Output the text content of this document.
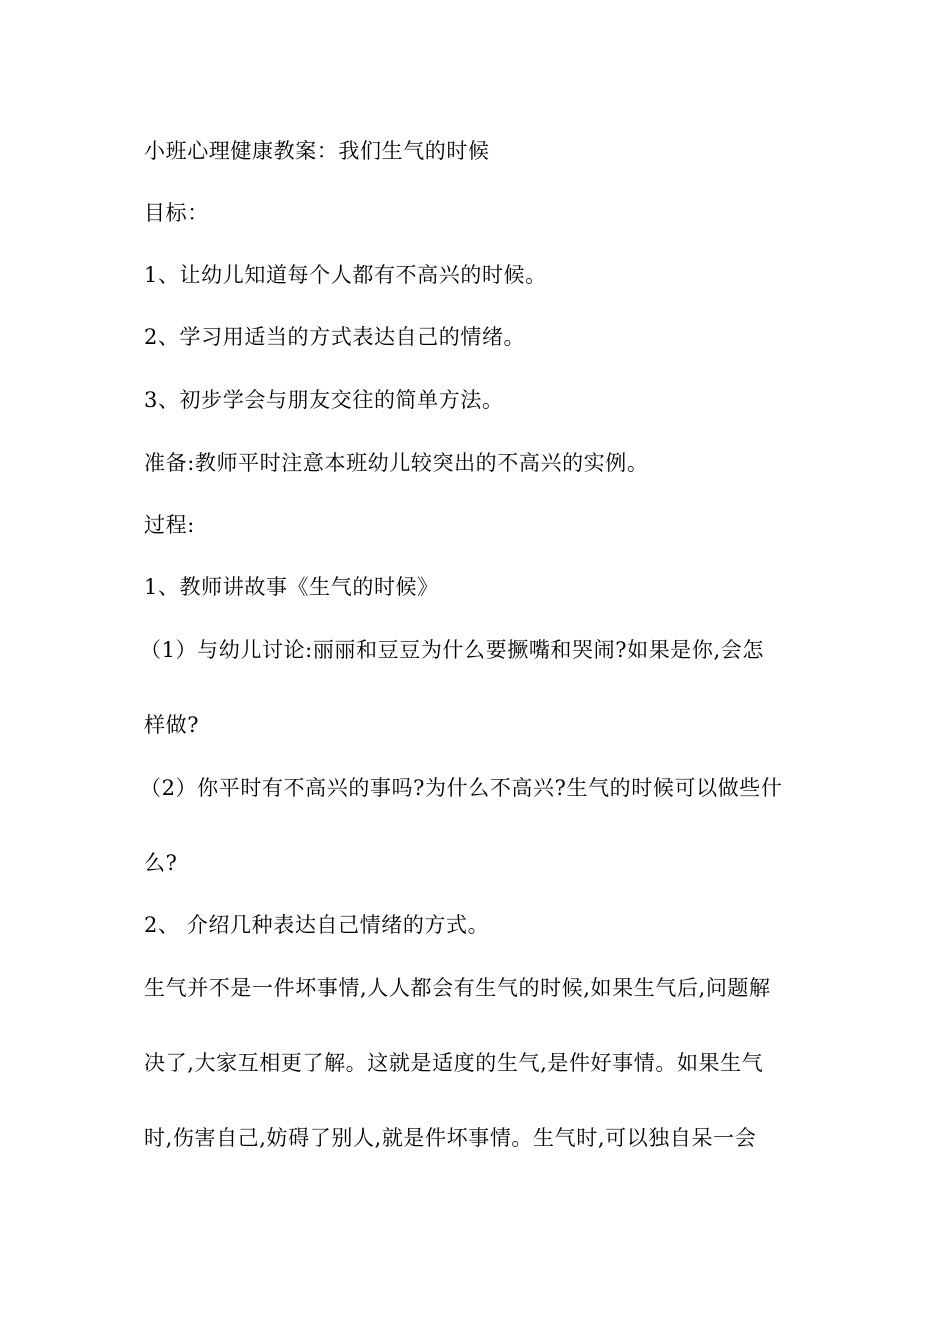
小班心理健康教案：我们生气的时候

目标：

1、让幼儿知道每个人都有不高兴的时候。

2、学习用适当的方式表达自己的情绪。

3、初步学会与朋友交往的简单方法。

准备:教师平时注意本班幼儿较突出的不高兴的实例。

过程:

1、教师讲故事《生气的时候》

（1）与幼儿讨论:丽丽和豆豆为什么要撅嘴和哭闹?如果是你,会怎

样做?

（2）你平时有不高兴的事吗?为什么不高兴?生气的时候可以做些什

么?

2、 介绍几种表达自己情绪的方式。

生气并不是一件坏事情,人人都会有生气的时候,如果生气后,问题解

决了,大家互相更了解。这就是适度的生气,是件好事情。如果生气

时,伤害自己,妨碍了别人,就是件坏事情。生气时,可以独自呆一会
